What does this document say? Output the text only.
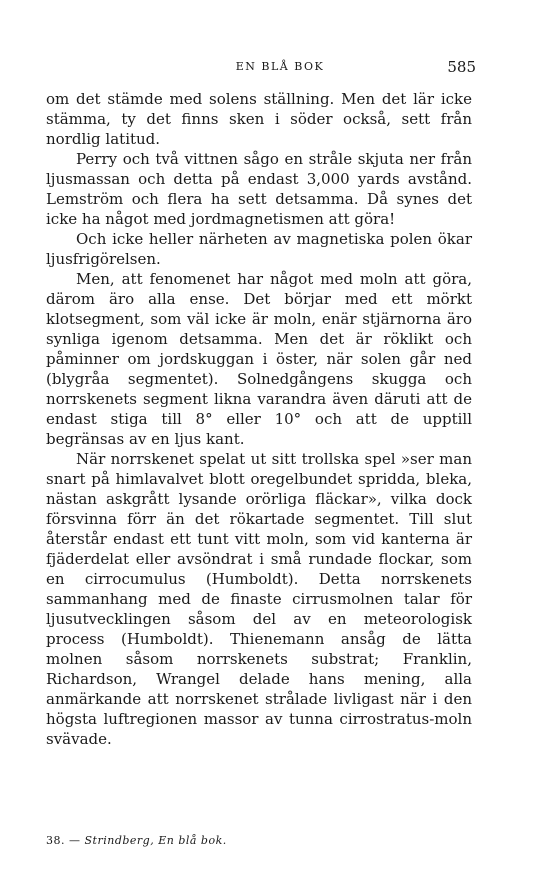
EN BLÅ BOK	585

om det stämde med solens ställning. Men det lär icke stämma, ty det finns sken i söder också, sett från nordlig latitud.

Perry och två vittnen sågo en stråle skjuta ner från ljusmassan och detta på endast 3,000 yards avstånd. Lemström och flera ha sett detsamma. Då synes det icke ha något med jordmagnetismen att göra!

Och icke heller närheten av magnetiska polen ökar ljusfrigörelsen.

Men, att fenomenet har något med moln att göra, därom äro alla ense. Det börjar med ett mörkt klotsegment, som väl icke är moln, enär stjärnorna äro synliga igenom detsamma. Men det är röklikt och påminner om jordskuggan i öster, när solen går ned (blygråa segmentet). Solnedgångens skugga och norrskenets segment likna varandra även däruti att de endast stiga till 8° eller 10° och att de upptill begränsas av en ljus kant.

När norrskenet spelat ut sitt trollska spel »ser man snart på himlavalvet blott oregelbundet spridda, bleka, nästan askgrått lysande orörliga fläckar», vilka dock försvinna förr än det rökartade segmentet. Till slut återstår endast ett tunt vitt moln, som vid kanterna är fjäderdelat eller avsöndrat i små rundade flockar, som en cirrocumulus (Humboldt). Detta norrskenets sammanhang med de finaste cirrusmolnen talar för ljusutvecklingen såsom del av en meteorologisk process (Humboldt). Thienemann ansåg de lätta molnen såsom norrskenets substrat; Franklin, Richardson, Wrangel delade hans mening, alla anmärkande att norrskenet strålade livligast när i den högsta luftregionen massor av tunna cirrostratus-moln svävade.

38. — Strindberg, En blå bok.
